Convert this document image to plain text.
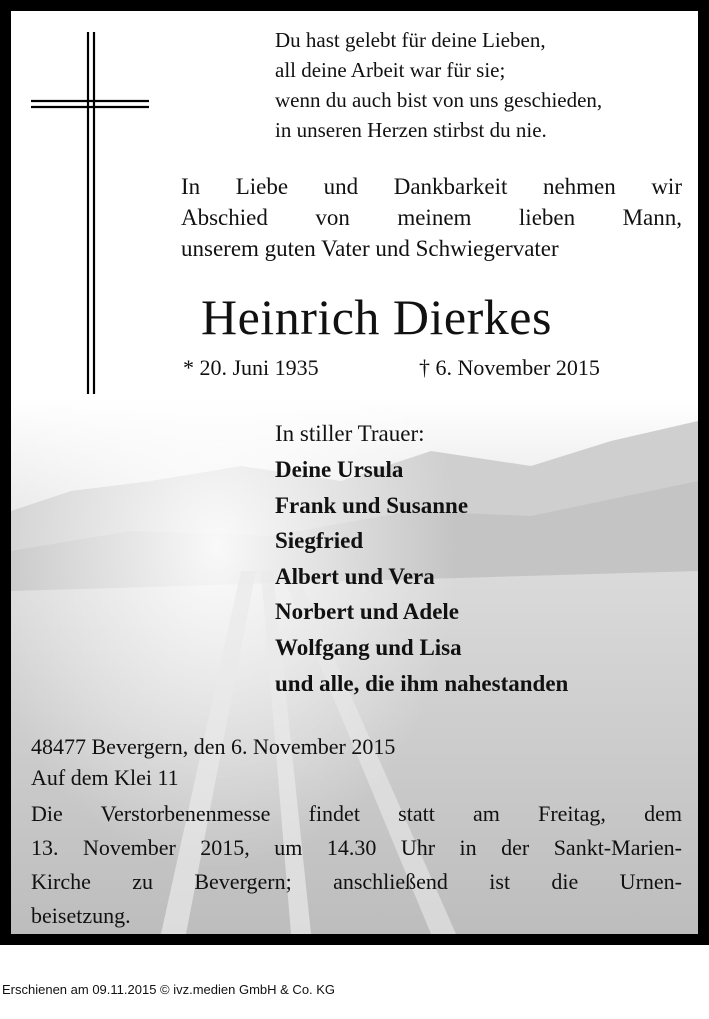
Du hast gelebt für deine Lieben,
all deine Arbeit war für sie;
wenn du auch bist von uns geschieden,
in unseren Herzen stirbst du nie.
In Liebe und Dankbarkeit nehmen wir
Abschied von meinem lieben Mann,
unserem guten Vater und Schwiegervater
Heinrich Dierkes
* 20. Juni 1935	† 6. November 2015
In stiller Trauer:
Deine Ursula
Frank und Susanne
Siegfried
Albert und Vera
Norbert und Adele
Wolfgang und Lisa
und alle, die ihm nahestanden
48477 Bevergern, den 6. November 2015
Auf dem Klei 11
Die Verstorbenenmesse findet statt am Freitag, dem
13. November 2015, um 14.30 Uhr in der Sankt-Marien-
Kirche zu Bevergern; anschließend ist die Urnen-
beisetzung.
Erschienen am 09.11.2015 © ivz.medien GmbH & Co. KG
